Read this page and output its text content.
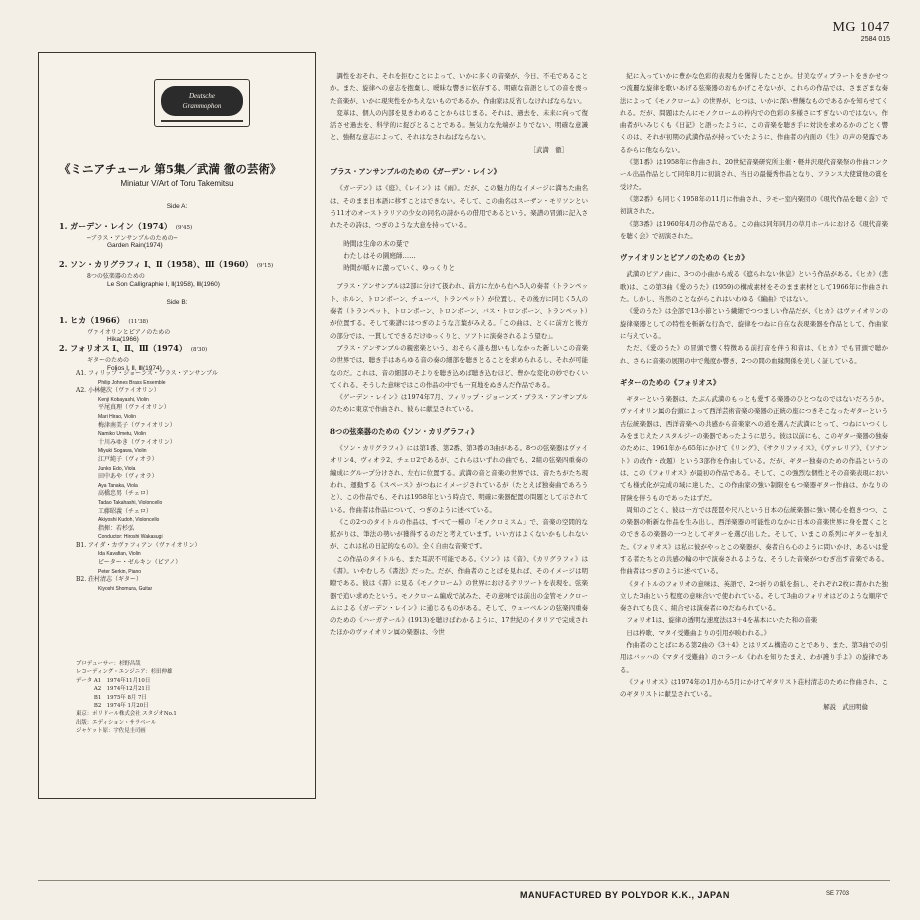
MG 1047
2584 015
Deutsche
Grammophon
《ミニアチュール 第5集／武満 徹の芸術》
Miniatur V/Art of Toru Takemitsu
Side A:
1. ガーデン・レイン（1974） (9'45)
─ブラス・アンサンブルのための─
Garden Rain(1974)
2. ソン・カリグラフィ Ⅰ、Ⅱ（1958）、Ⅲ（1960） (9'15)
8つの弦楽器のための
Le Son Calligraphie Ⅰ, Ⅱ(1958), Ⅲ(1960)
Side B:
1. ヒカ（1966） (11'38)
ヴァイオリンとピアノのための
Hika(1966)
2. フォリオス Ⅰ、Ⅱ、Ⅲ（1974） (8'30)
ギターのための
Folios Ⅰ, Ⅱ, Ⅲ(1974)
A1. フィリップ・ジョーンズ・ブラス・アンサンブル
Philip Johnes Brass Ensemble
A2. 小林健次（ヴァイオリン）
Kenji Kobayashi, Violin
平尾真理（ヴァイオリン）
Mari Hirao, Violin
梅津南美子（ヴァイオリン）
Namiko Umetu, Violin
十川みゆき（ヴァイオリン）
Miyuki Sogawa, Violin
江戸純子（ヴィオラ）
Junko Edo, Viola
田中あや（ヴィオラ）
Aya Tanaka, Viola
高橋忠男（チェロ）
Tadao Takahashi, Violoncello
工藤昭義（チェロ）
Akiyoshi Kudoh, Violoncello
指揮：若杉弘
Conductor: Hiroshi Wakasugi
B1. アイダ・カヴァフィアン（ヴァイオリン）
Ida Kavafian, Violin
ピーター・ゼルキン（ピアノ）
Peter Serkin, Piano
B2. 荘村清志（ギター）
Kiyoshi Shomura, Guitar
プロデューサー：杉野昌哉
レコーディング・エンジニア：杉田伸雄
データ A1　1974年11月10日
　　　 A2　1974年12月21日
　　　 B1　1975年 8月 7日
　　　 B2　1974年 1月20日
東京：ポリドール株式会社 スタジオNo.1
出版：エディション・サラベール
ジャケット原：宇佐見圭司画

調性をおそれ、それを拒むことによって、いかに多くの音楽が、今日、不毛であることか。また、旋律への意志を抱棄し、曖昧な響きに依存する、明確な音語としての音を喪った音楽が、いかに現実性をかちえないものであるか。作曲家は反省しなければならない。

変革は、個人の内部を見きわめることからはじまる。それは、過去を、未来に向って復活させ過去を、科学的に捉びとることである。無気力な先端がよりでない、明確な意識と、強靭な意志によって、それはなされねばならない。

［武満　徹］

ブラス・アンサンブルのための《ガーデン・レイン》

《ガーデン》は《庭》、《レイン》は《雨》。だが、この魅力的なイメージに満ちた曲名は、そのまま日本語に移すことはできない。そして、この曲名はスーザン・モリソンという11才のオーストラリアの少女の同名の詩からの借用であるという。楽譜の冒頭に記入されたその詩は、つぎのような大意を持っている。

時間は生命の木の葉で
わたしはその園庭師……
時間が順々に激っていく、ゆっくりと

ブラス・アンサンブルは2部に分けて扱われ、前方に左から右へ5人の奏者（トランペット、ホルン、トロンボーン、チューバ、トランペット）が位置し、その後方に同じく5人の奏者（トランペット、トロンボーン、トロンボーン、バス・トロンボーン、トランペット）が位置する。そして楽譜にはつぎのような言葉がみえる。「この曲は、とくに前方と後方の部分では、一貫してできるだけゆっくりと、ソフトに演奏されるよう望む」。

ブラス・アンサンブルの親密楽という、おそらく誰も想いもしなかった新しいこの音楽の世界では、聴き手はあらゆる音の奏の細部を聴きとることを求められるし、それが可能なのだ。これは、音の細部のそよりを聴き込めば聴き込むほど、豊かな変化の妙でむくいてくれる、そうした意味ではこの作品の中でも一頁地をぬきんだ作品である。

《ゲーデン・レイン》は1974年7月、フィリップ・ジョーンズ・ブラス・アンサンブルのために東京で作曲され、彼らに献呈されている。

8つの弦楽器のための《ソン・カリグラフィ》

《ソン・カリグラフィ》には第1番、第2番、第3番の3曲がある。8つの弦楽器はヴァイオリン4、ヴィオラ2、チェロ2であるが、これらはいずれの曲でも、2組の弦楽四重奏の編成にグループ分けされ、左右に位置する。武満の音と音楽の世界では、音たちがたち現われ、運動する《スペース》がつねにイメージされているが（たとえば独奏曲であろうと）、この作品でも、それは1958年という時点で、明確に楽器配置の問題として示されている。作曲者は作品について、つぎのように述べている。

《この2つのタイトルの作品は、すべて一種の「モノクロミスム」で、音楽の空間的な拡がりは、筆法の勢いが獲得するのだと考えています。いい方はよくないかもしれないが、これは私の日記的なもの》。全く自由な音楽です。

この作品のタイトルも、また耳訳不可能である。《ソン》は《音》、《カリグラフィ》は《書》。いやむしろ《書法》だった。だが、作曲者のことばを見れば、そのイメージは明瞭である。彼は《書》に見る《モノクローム》の世界におけるテリツートを表現を、弦楽器で追い求めたという。モノクローム編成で試みた、その意味では前出の金管モノクロームによる《ガーデン・レイン》に通じるものがある。そして、ウェーベルンの弦楽四重奏のための《ハーガテール》(1913)を聴けばわかるように、17世紀のイタリアで完成されたほかのヴァイオリン属の楽器は、今世

紀に入っていかに豊かな色彩的表現力を獲得したことか。甘美なヴィブラートをきかせつつ流麗な旋律を歌いあげる弦楽器のおもかげこそないが、これらの作品では、さまざまな奏法によって《モノクローム》の世界が、ヒつは、いかに深い豊饒なものであるかを知らせてくれる。だが、問題はたんにモノクロームの枠内での色彩の多様さにすぎないのではない。作曲者がいみじくも《日記》と語ったように、この音楽を聴き手に対決を求めるかのごとく響くのは、それが初期の武満作品が持っていたように、作曲者の内面の《生》の声の発露であるからに他ならない。

《第1番》は1958年に作曲され、20世紀音楽研究所主催・軽井沢現代音楽祭の作曲コンクール出品作品として同年8月に初演され、当日の最優秀作品となり、フランス大使賞他の賞を受けた。

《第2番》も同じく1958年の11月に作曲され、ラモー室内楽団の《現代作品を聴く会》で初演された。

《第3番》は1960年4月の作品である。この曲は同年同月の草月ホールにおける《現代音楽を聴く会》で初演された。

ヴァイオリンとピアノのための《ヒカ》

武満のピアノ曲に、3つの小曲から成る《遮られない休息》という作品がある。《ヒカ》(悲歌)は、この第3曲《愛のうた》(1959)の構成素材をそのまま素材として1966年に作曲された。しかし、当然のことながらこれはいわゆる《編曲》ではない。

《愛のうた》は全部で13小節という繊細でつつましい作品だが、《ヒカ》はヴァイオリンの旋律楽器としての特性を斬新な行為で、旋律をつねに自在な表現楽器を作品として、作曲家に与えている。

ただ、《愛のうた》の冒頭で響く特徴ある前打音を伴う和音は、《ヒカ》でも冒頭で聴かれ、さらに音楽の展開の中で幾度か響き、2つの間の血縁関係を美しく証している。

ギターのための《フォリオス》

ギターという楽器は、たぶん武満のもっとも愛する楽器のひとつなのではないだろうか。ヴァイオリン属の台頭によって西洋芸術音楽の楽器の正統の座につきそこなったギターという古伝統楽器は、西洋音楽への共感から音楽家への道を選んだ武満にとって、つねにいつくしみをまじえたノスタルジーの楽器であったように思う。彼は以前にも、このギター楽器の独奏のために、1961年から65年にかけて《リング》、《サクリファイス》、《ヴァレリア》、《ソナント》の改作・改題）という3部作を作曲している。だが、ギター独奏のための作品というのは、この《フォリオス》が最初の作品である。そして、この強烈な個性とその音楽表現においても様式化が完成の域に達した、この作曲家の強い制限をもつ楽器ギター作曲は、かなりの冒険を伴うものであったはずだ。

周知のごとく、彼は一方では琵琶や尺八という日本の伝統楽器に強い関心を抱きつつ、この楽器の斬新な作品を生み出し、西洋楽器の可能性のなかに日本の音楽世界に身を置くことのできるの楽器の一つとしてギターを選び出した。そして、いまこの系列にギターを加えた。《フォリオス》は私に彼がやっとこの楽器が、奏者自ら心のように問いかけ、あるいは愛する者たちとの共感の輪の中で演奏されるような、そうした音楽がつむぎ出す音楽である。作曲者はつぎのように述べている。

《タイトルのフォリオの意味は、英語で、2つ折りの紙を指し、それぞれ2枚に書かれた独立した3曲という程度の意味合いで使われている。そして3曲のフォリオはどのような順序で奏されても良く、組合せは演奏者にゆだねられている。

フォリオ1は、旋律の透明な速度法は3＋4を基本にいたた和の音楽

日は枠歌、マタイ受難曲よりの引用が映われる。》

作曲者のことばにある第2曲の《3＋4》とはリズム構造のことであり、また、第3曲での引用はバッハの《マタイ受難曲》のコラール《われを知りたまえ、わが護り手よ》の旋律である。

《フォリオス》は1974年の1月から5月にかけてギタリスト荘村清志のために作曲され、このギタリストに献呈されている。

解説　武田明倫

MANUFACTURED BY POLYDOR K.K., JAPAN	SE 7703
